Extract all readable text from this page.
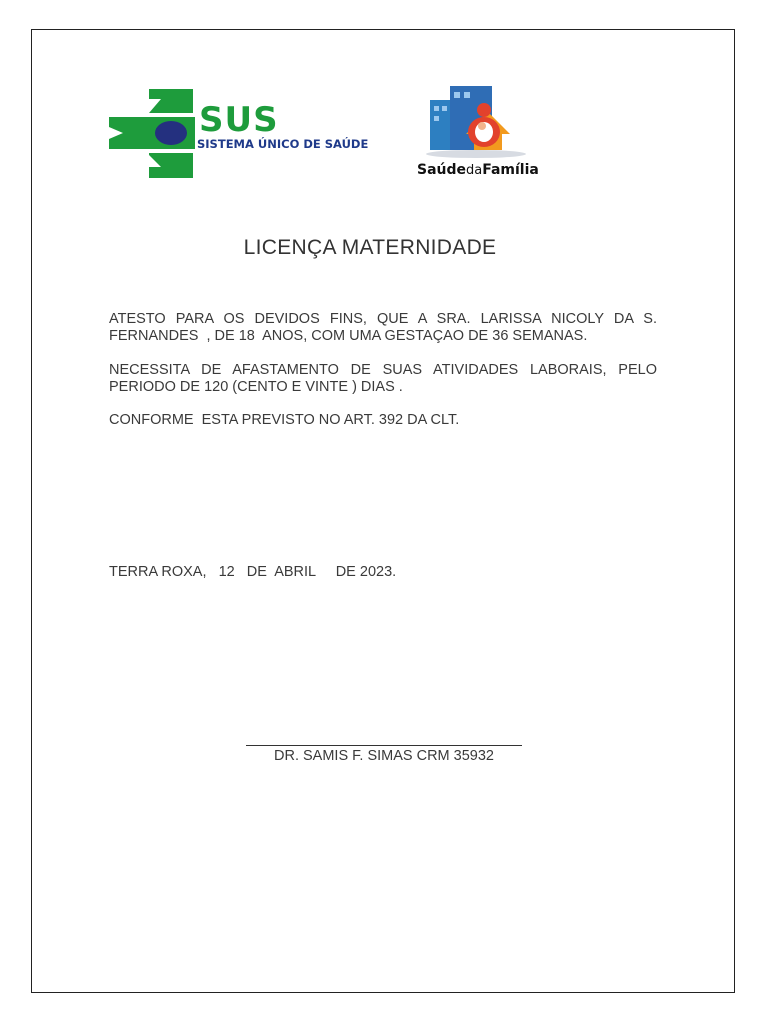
SUS
SISTEMA ÚNICO DE SAÚDE
SaúdedaFamília
LICENÇA MATERNIDADE
ATESTO PARA OS DEVIDOS FINS, QUE A SRA. LARISSA NICOLY DA S. FERNANDES  , DE 18  ANOS, COM UMA GESTAÇAO DE 36 SEMANAS.
NECESSITA DE AFASTAMENTO DE SUAS ATIVIDADES LABORAIS, PELO PERIODO DE 120 (CENTO E VINTE ) DIAS .
CONFORME  ESTA PREVISTO NO ART. 392 DA CLT.
TERRA ROXA,   12   DE  ABRIL     DE 2023.
DR. SAMIS F. SIMAS CRM 35932
